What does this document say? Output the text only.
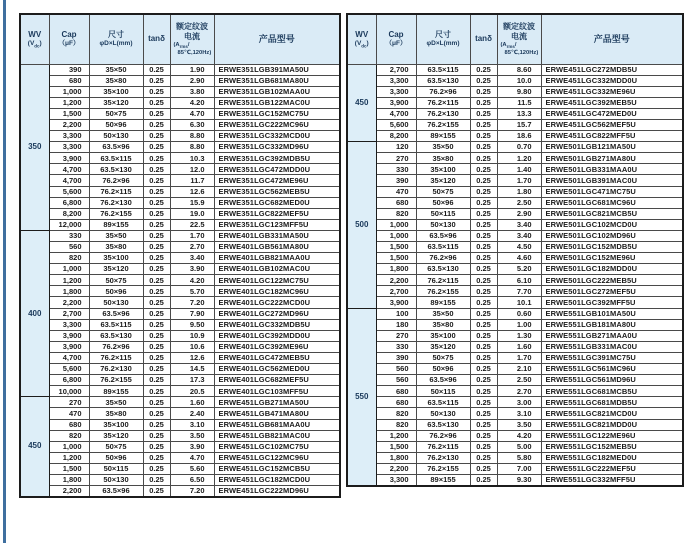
WV
$(V_{dc})$	Cap
（μF）	尺寸
φD×L(mm)	tanδ	额定纹波
电流
($A_{rms}/$
85℃,120Hz)	产品型号

350	390	35×50	0.25	1.90	ERWE351LGB391MA50U
	680	35×80	0.25	2.90	ERWE351LGB681MA80U
	1,000	35×100	0.25	3.80	ERWE351LGB102MAA0U
	1,200	35×120	0.25	4.20	ERWE351LGB122MAC0U
	1,500	50×75	0.25	4.70	ERWE351LGC152MC75U
	2,200	50×96	0.25	6.30	ERWE351LGC222MC96U
	3,300	50×130	0.25	8.80	ERWE351LGC332MCD0U
	3,300	63.5×96	0.25	8.80	ERWE351LGC332MD96U
	3,900	63.5×115	0.25	10.3	ERWE351LGC392MDB5U
	4,700	63.5×130	0.25	12.0	ERWE351LGC472MDD0U
	4,700	76.2×96	0.25	11.7	ERWE351LGC472ME96U
	5,600	76.2×115	0.25	12.6	ERWE351LGC562MEB5U
	6,800	76.2×130	0.25	15.9	ERWE351LGC682MED0U
	8,200	76.2×155	0.25	19.0	ERWE351LGC822MEF5U
	12,000	89×155	0.25	22.5	ERWE351LGC123MFF5U
400	330	35×50	0.25	1.70	ERWE401LGB331MA50U
	560	35×80	0.25	2.70	ERWE401LGB561MA80U
	820	35×100	0.25	3.40	ERWE401LGB821MAA0U
	1,000	35×120	0.25	3.90	ERWE401LGB102MAC0U
	1,200	50×75	0.25	4.20	ERWE401LGC122MC75U
	1,800	50×96	0.25	5.70	ERWE401LGC182MC96U
	2,200	50×130	0.25	7.20	ERWE401LGC222MCD0U
	2,700	63.5×96	0.25	7.90	ERWE401LGC272MD96U
	3,300	63.5×115	0.25	9.50	ERWE401LGC332MDB5U
	3,900	63.5×130	0.25	10.9	ERWE401LGC392MDD0U
	3,900	76.2×96	0.25	10.6	ERWE401LGC392ME96U
	4,700	76.2×115	0.25	12.6	ERWE401LGC472MEB5U
	5,600	76.2×130	0.25	14.5	ERWE401LGC562MED0U
	6,800	76.2×155	0.25	17.3	ERWE401LGC682MEF5U
	10,000	89×155	0.25	20.5	ERWE401LGC103MFF5U
450	270	35×50	0.25	1.60	ERWE451LGB271MA50U
	470	35×80	0.25	2.40	ERWE451LGB471MA80U
	680	35×100	0.25	3.10	ERWE451LGB681MAA0U
	820	35×120	0.25	3.50	ERWE451LGB821MAC0U
	1,000	50×75	0.25	3.90	ERWE451LGC102MC75U
	1,200	50×96	0.25	4.70	ERWE451LGC122MC96U
	1,500	50×115	0.25	5.60	ERWE451LGC152MCB5U
	1,800	50×130	0.25	6.50	ERWE451LGC182MCD0U
	2,200	63.5×96	0.25	7.20	ERWE451LGC222MD96U
WV
$(V_{dc})$	Cap
（μF）	尺寸
φD×L(mm)	tanδ	额定纹波
电流
($A_{rms}/$
85℃,120Hz)	产品型号

450	2,700	63.5×115	0.25	8.60	ERWE451LGC272MDB5U
	3,300	63.5×130	0.25	10.0	ERWE451LGC332MDD0U
	3,300	76.2×96	0.25	9.80	ERWE451LGC332ME96U
	3,900	76.2×115	0.25	11.5	ERWE451LGC392MEB5U
	4,700	76.2×130	0.25	13.3	ERWE451LGC472MED0U
	5,600	76.2×155	0.25	15.7	ERWE451LGC562MEF5U
	8,200	89×155	0.25	18.6	ERWE451LGC822MFF5U
500	120	35×50	0.25	0.70	ERWE501LGB121MA50U
	270	35×80	0.25	1.20	ERWE501LGB271MA80U
	330	35×100	0.25	1.40	ERWE501LGB331MAA0U
	390	35×120	0.25	1.70	ERWE501LGB391MAC0U
	470	50×75	0.25	1.80	ERWE501LGC471MC75U
	680	50×96	0.25	2.50	ERWE501LGC681MC96U
	820	50×115	0.25	2.90	ERWE501LGC821MCB5U
	1,000	50×130	0.25	3.40	ERWE501LGC102MCD0U
	1,000	63.5×96	0.25	3.40	ERWE501LGC102MD96U
	1,500	63.5×115	0.25	4.50	ERWE501LGC152MDB5U
	1,500	76.2×96	0.25	4.60	ERWE501LGC152ME96U
	1,800	63.5×130	0.25	5.20	ERWE501LGC182MDD0U
	2,200	76.2×115	0.25	6.10	ERWE501LGC222MEB5U
	2,700	76.2×155	0.25	7.70	ERWE501LGC272MEF5U
	3,900	89×155	0.25	10.1	ERWE501LGC392MFF5U
550	100	35×50	0.25	0.60	ERWE551LGB101MA50U
	180	35×80	0.25	1.00	ERWE551LGB181MA80U
	270	35×100	0.25	1.30	ERWE551LGB271MAA0U
	330	35×120	0.25	1.60	ERWE551LGB331MAC0U
	390	50×75	0.25	1.70	ERWE551LGC391MC75U
	560	50×96	0.25	2.10	ERWE551LGC561MC96U
	560	63.5×96	0.25	2.50	ERWE551LGC561MD96U
	680	50×115	0.25	2.70	ERWE551LGC681MCB5U
	680	63.5×115	0.25	3.00	ERWE551LGC681MDB5U
	820	50×130	0.25	3.10	ERWE551LGC821MCD0U
	820	63.5×130	0.25	3.50	ERWE551LGC821MDD0U
	1,200	76.2×96	0.25	4.20	ERWE551LGC122ME96U
	1,500	76.2×115	0.25	5.00	ERWE551LGC152MEB5U
	1,800	76.2×130	0.25	5.80	ERWE551LGC182MED0U
	2,200	76.2×155	0.25	7.00	ERWE551LGC222MEF5U
	3,300	89×155	0.25	9.30	ERWE551LGC332MFF5U
